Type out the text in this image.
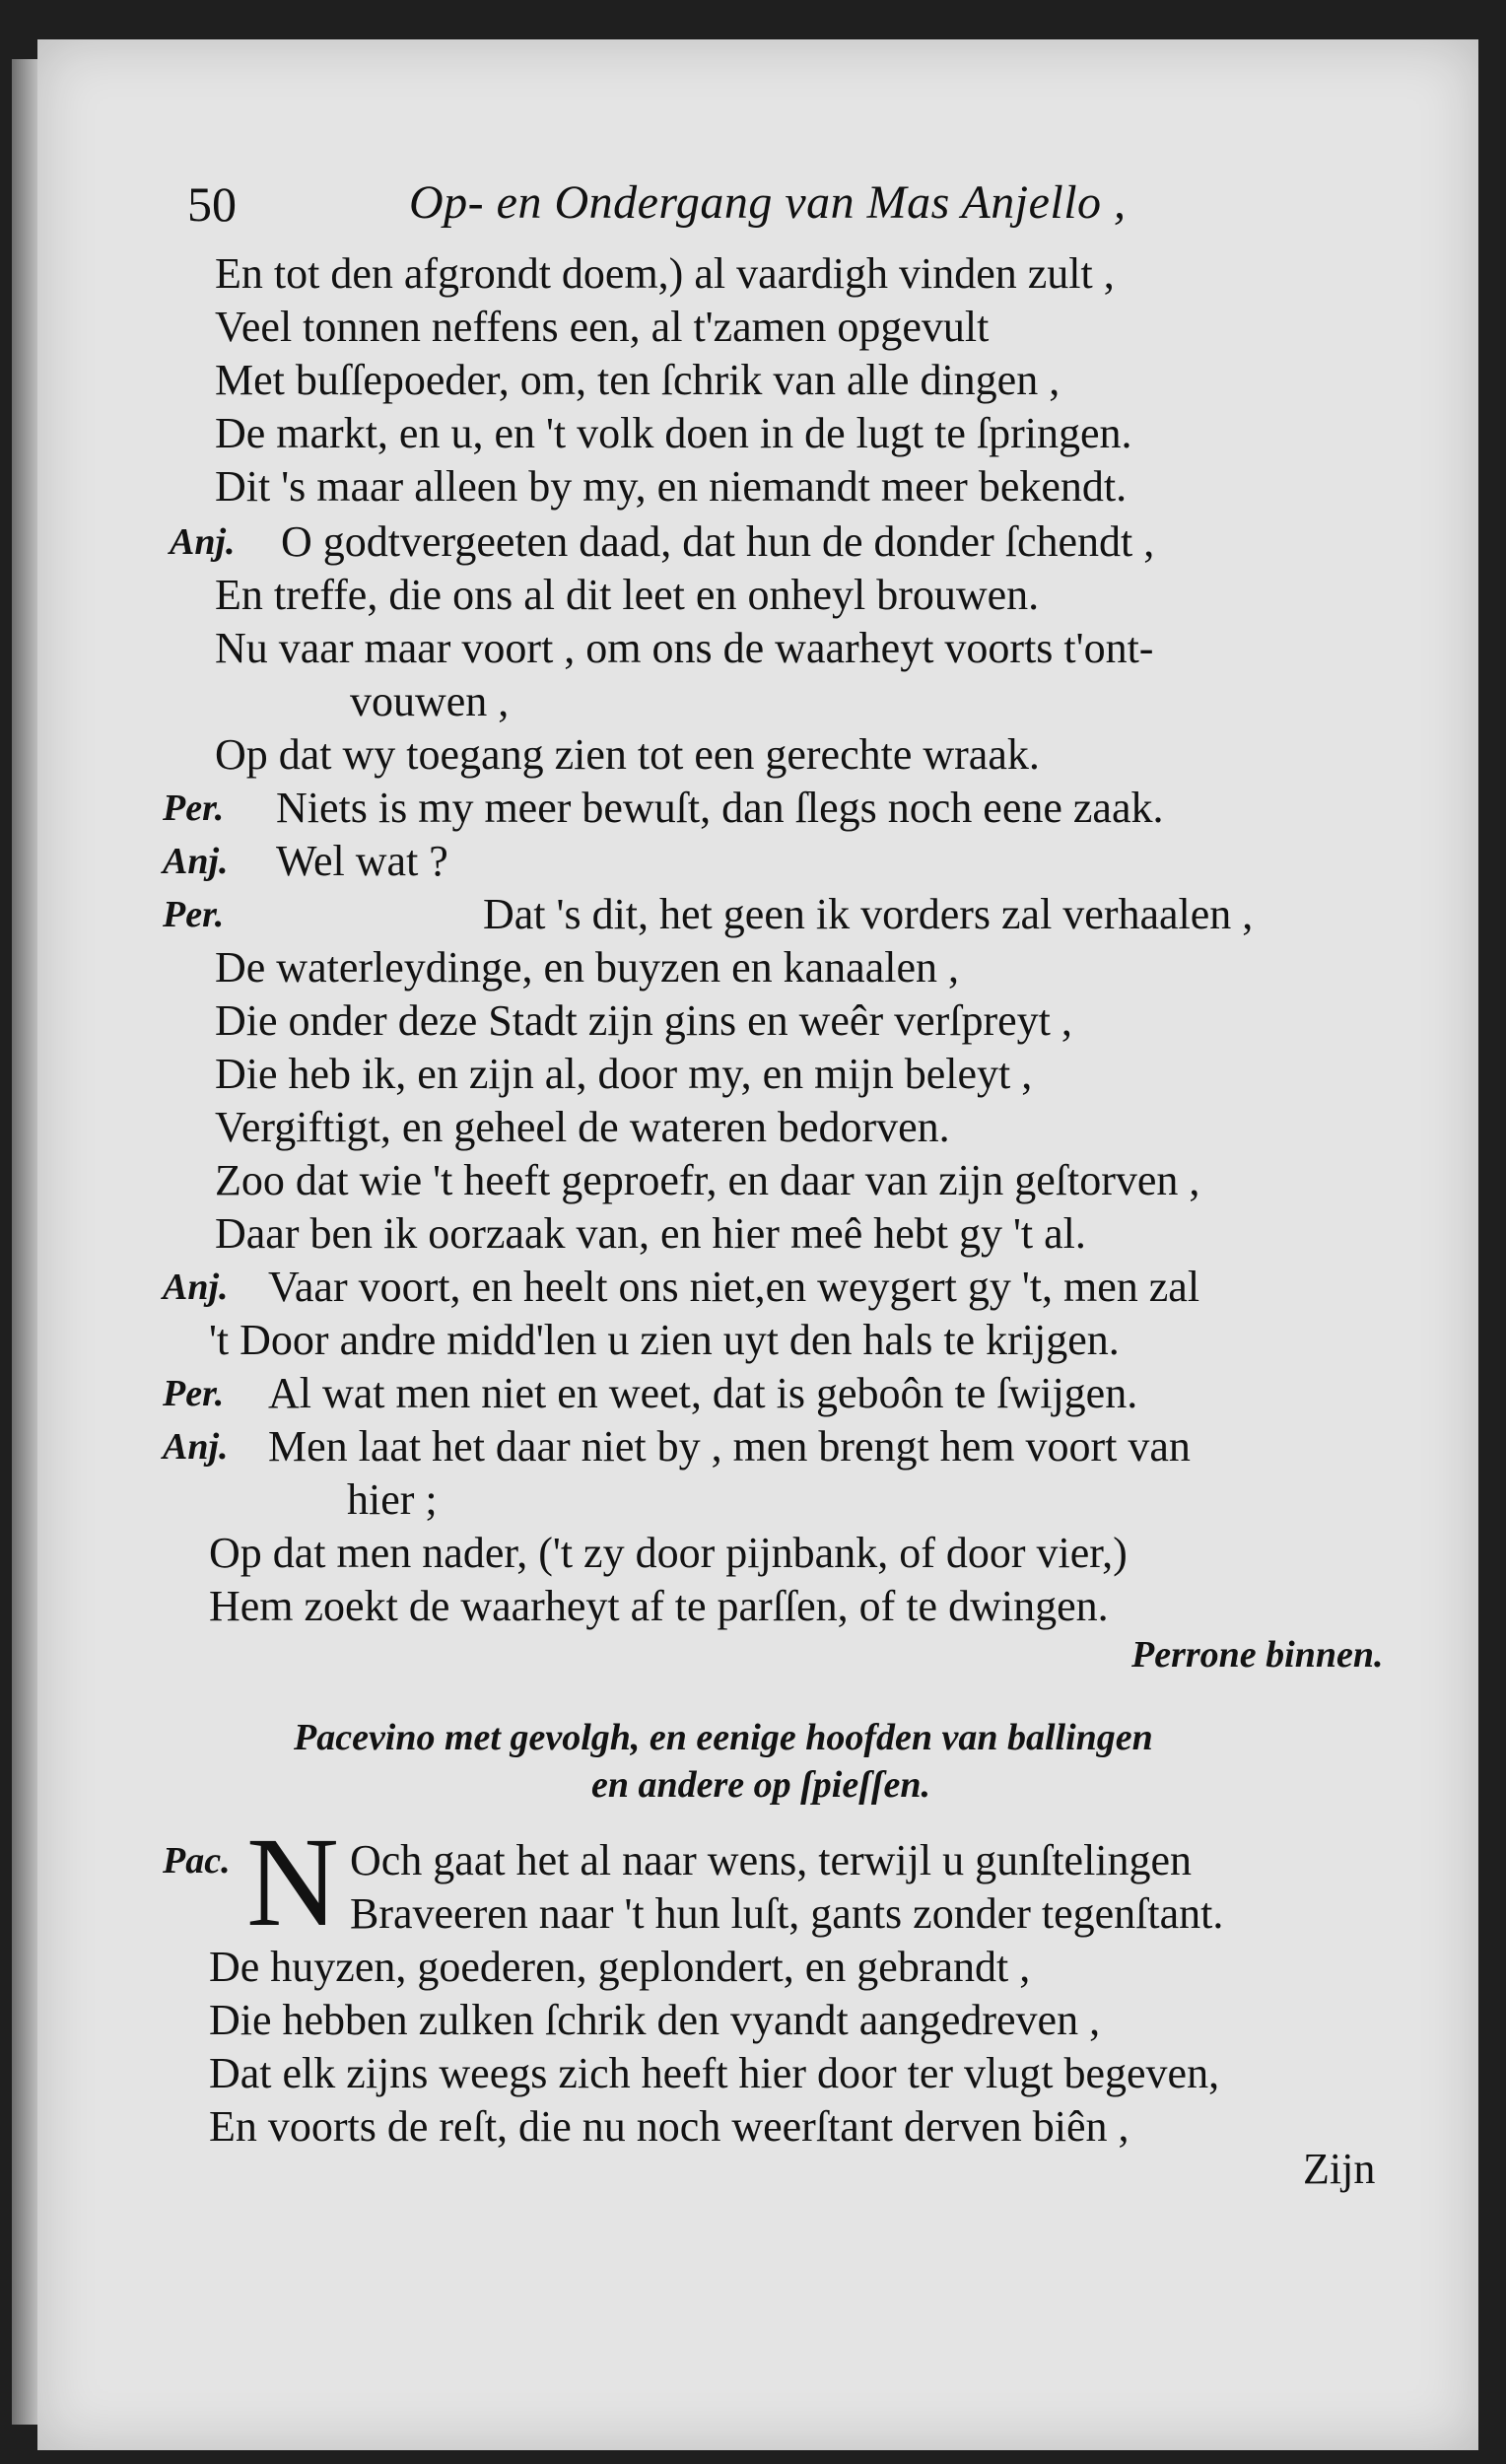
50	Op- en Ondergang van Mas Anjello ,
En tot den afgrondt doem,) al vaardigh vinden zult ,
Veel tonnen neffens een, al t'zamen opgevult
Met buſſepoeder, om, ten ſchrik van alle dingen ,
De markt, en u, en 't volk doen in de lugt te ſpringen.
Dit 's maar alleen by my, en niemandt meer bekendt.
Anj. O godtvergeeten daad, dat hun de donder ſchendt ,
En treffe, die ons al dit leet en onheyl brouwen.
Nu vaar maar voort , om ons de waarheyt voorts t'ont-
vouwen ,
Op dat wy toegang zien tot een gerechte wraak.
Per. Niets is my meer bewuſt, dan ſlegs noch eene zaak.
Anj. Wel wat ?
Per.	Dat 's dit, het geen ik vorders zal verhaalen ,
De waterleydinge, en buyzen en kanaalen ,
Die onder deze Stadt zijn gins en weêr verſpreyt ,
Die heb ik, en zijn al, door my, en mijn beleyt ,
Vergiftigt, en geheel de wateren bedorven.
Zoo dat wie 't heeft geproefr, en daar van zijn geſtorven ,
Daar ben ik oorzaak van, en hier meê hebt gy 't al.
Anj. Vaar voort, en heelt ons niet,en weygert gy 't, men zal
't Door andre midd'len u zien uyt den hals te krijgen.
Per. Al wat men niet en weet, dat is geboôn te ſwijgen.
Anj. Men laat het daar niet by , men brengt hem voort van
hier ;
Op dat men nader, ('t zy door pijnbank, of door vier,)
Hem zoekt de waarheyt af te parſſen, of te dwingen.
Perrone binnen.
Pacevino met gevolgh, en eenige hoofden van ballingen
en andere op ſpieſſen.
Pac. N Och gaat het al naar wens, terwijl u gunſtelingen
Braveeren naar 't hun luſt, gants zonder tegenſtant.
De huyzen, goederen, geplondert, en gebrandt ,
Die hebben zulken ſchrik den vyandt aangedreven ,
Dat elk zijns weegs zich heeft hier door ter vlugt begeven,
En voorts de reſt, die nu noch weerſtant derven biên ,
Zijn
